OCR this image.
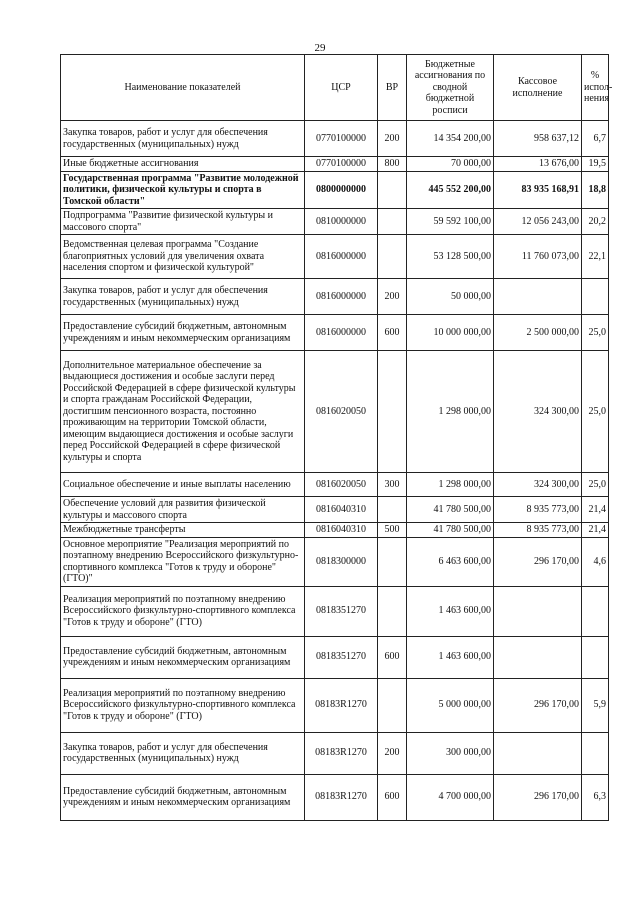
29
Наименование показателей	ЦСР	ВР	Бюджетные ассигнования по сводной бюджетной росписи	Кассовое исполнение	% испол-нения
Закупка товаров, работ и услуг для обеспечения государственных (муниципальных) нужд	0770100000	200	14 354 200,00	958 637,12	6,7
Иные бюджетные ассигнования	0770100000	800	70 000,00	13 676,00	19,5
Государственная программа "Развитие молодежной политики, физической культуры и спорта в Томской области"	0800000000		445 552 200,00	83 935 168,91	18,8
Подпрограмма "Развитие физической культуры и массового спорта"	0810000000		59 592 100,00	12 056 243,00	20,2
Ведомственная целевая программа "Создание благоприятных условий для увеличения охвата населения спортом и физической культурой"	0816000000		53 128 500,00	11 760 073,00	22,1
Закупка товаров, работ и услуг для обеспечения государственных (муниципальных) нужд	0816000000	200	50 000,00		
Предоставление субсидий бюджетным, автономным учреждениям и иным некоммерческим организациям	0816000000	600	10 000 000,00	2 500 000,00	25,0
Дополнительное материальное обеспечение за выдающиеся достижения и особые заслуги перед Российской Федерацией в сфере физической культуры и спорта гражданам Российской Федерации, достигшим пенсионного возраста, постоянно проживающим на территории Томской области, имеющим выдающиеся достижения и особые заслуги перед Российской Федерацией в сфере физической культуры и спорта	0816020050		1 298 000,00	324 300,00	25,0
Социальное обеспечение и иные выплаты населению	0816020050	300	1 298 000,00	324 300,00	25,0
Обеспечение условий для развития физической культуры и массового спорта	0816040310		41 780 500,00	8 935 773,00	21,4
Межбюджетные трансферты	0816040310	500	41 780 500,00	8 935 773,00	21,4
Основное мероприятие "Реализация мероприятий по поэтапному внедрению Всероссийского физкультурно-спортивного комплекса "Готов к труду и обороне" (ГТО)"	0818300000		6 463 600,00	296 170,00	4,6
Реализация мероприятий по поэтапному внедрению Всероссийского физкультурно-спортивного комплекса "Готов к труду и обороне" (ГТО)	0818351270		1 463 600,00		
Предоставление субсидий бюджетным, автономным учреждениям и иным некоммерческим организациям	0818351270	600	1 463 600,00		
Реализация мероприятий по поэтапному внедрению Всероссийского физкультурно-спортивного комплекса "Готов к труду и обороне" (ГТО)	08183R1270		5 000 000,00	296 170,00	5,9
Закупка товаров, работ и услуг для обеспечения государственных (муниципальных) нужд	08183R1270	200	300 000,00		
Предоставление субсидий бюджетным, автономным учреждениям и иным некоммерческим организациям	08183R1270	600	4 700 000,00	296 170,00	6,3
